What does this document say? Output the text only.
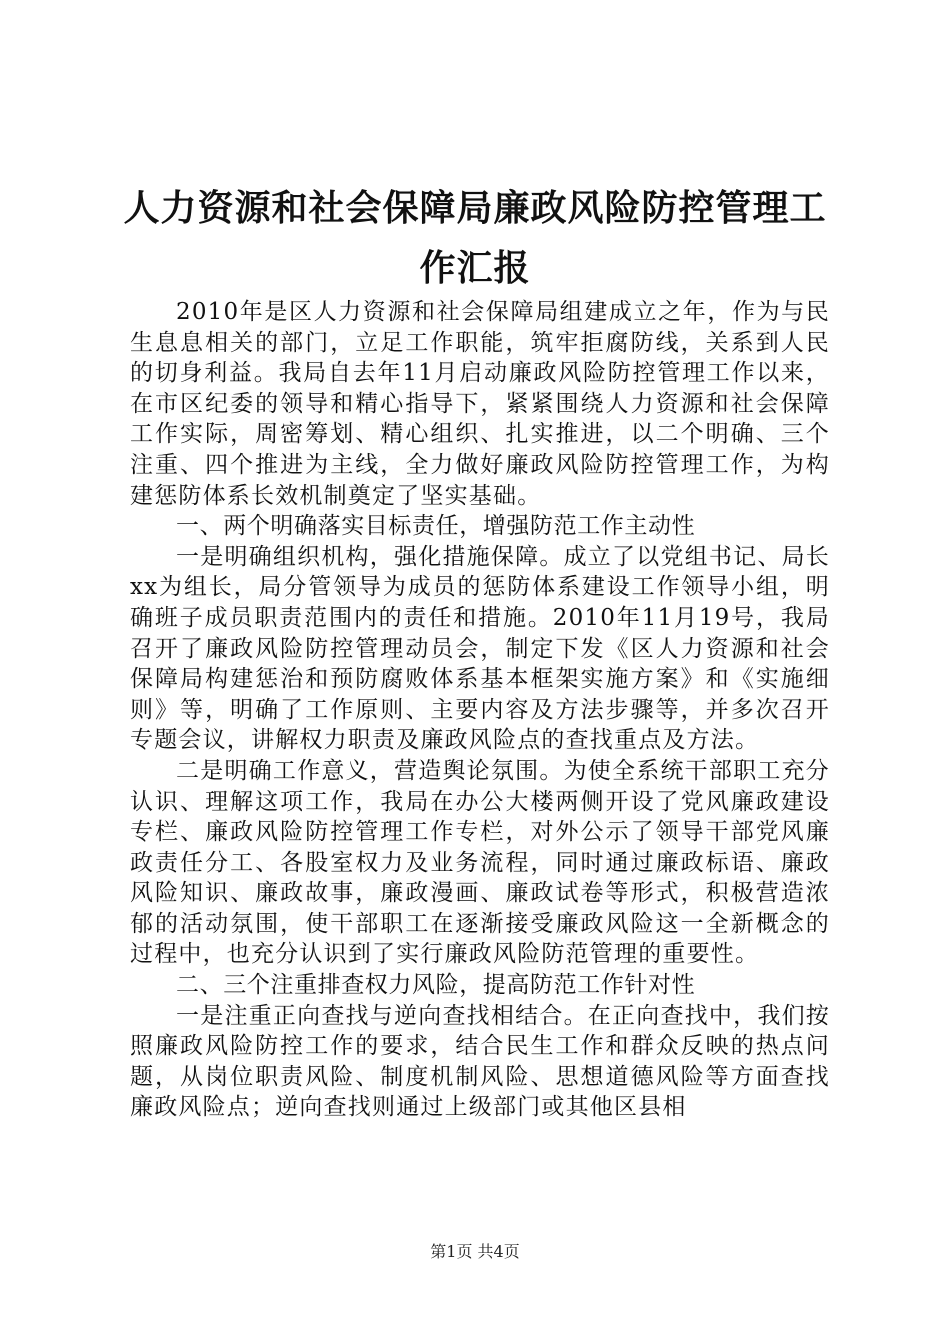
人力资源和社会保障局廉政风险防控管理工作汇报

2010年是区人力资源和社会保障局组建成立之年，作为与民生息息相关的部门，立足工作职能，筑牢拒腐防线，关系到人民的切身利益。我局自去年11月启动廉政风险防控管理工作以来，在市区纪委的领导和精心指导下，紧紧围绕人力资源和社会保障工作实际，周密筹划、精心组织、扎实推进，以二个明确、三个注重、四个推进为主线，全力做好廉政风险防控管理工作，为构建惩防体系长效机制奠定了坚实基础。

一、两个明确落实目标责任，增强防范工作主动性

一是明确组织机构，强化措施保障。成立了以党组书记、局长xx为组长，局分管领导为成员的惩防体系建设工作领导小组，明确班子成员职责范围内的责任和措施。2010年11月19号，我局召开了廉政风险防控管理动员会，制定下发《区人力资源和社会保障局构建惩治和预防腐败体系基本框架实施方案》和《实施细则》等，明确了工作原则、主要内容及方法步骤等，并多次召开专题会议，讲解权力职责及廉政风险点的查找重点及方法。

二是明确工作意义，营造舆论氛围。为使全系统干部职工充分认识、理解这项工作，我局在办公大楼两侧开设了党风廉政建设专栏、廉政风险防控管理工作专栏，对外公示了领导干部党风廉政责任分工、各股室权力及业务流程，同时通过廉政标语、廉政风险知识、廉政故事，廉政漫画、廉政试卷等形式，积极营造浓郁的活动氛围，使干部职工在逐渐接受廉政风险这一全新概念的过程中，也充分认识到了实行廉政风险防范管理的重要性。

二、三个注重排查权力风险，提高防范工作针对性

一是注重正向查找与逆向查找相结合。在正向查找中，我们按照廉政风险防控工作的要求，结合民生工作和群众反映的热点问题，从岗位职责风险、制度机制风险、思想道德风险等方面查找廉政风险点；逆向查找则通过上级部门或其他区县相

第1页 共4页
